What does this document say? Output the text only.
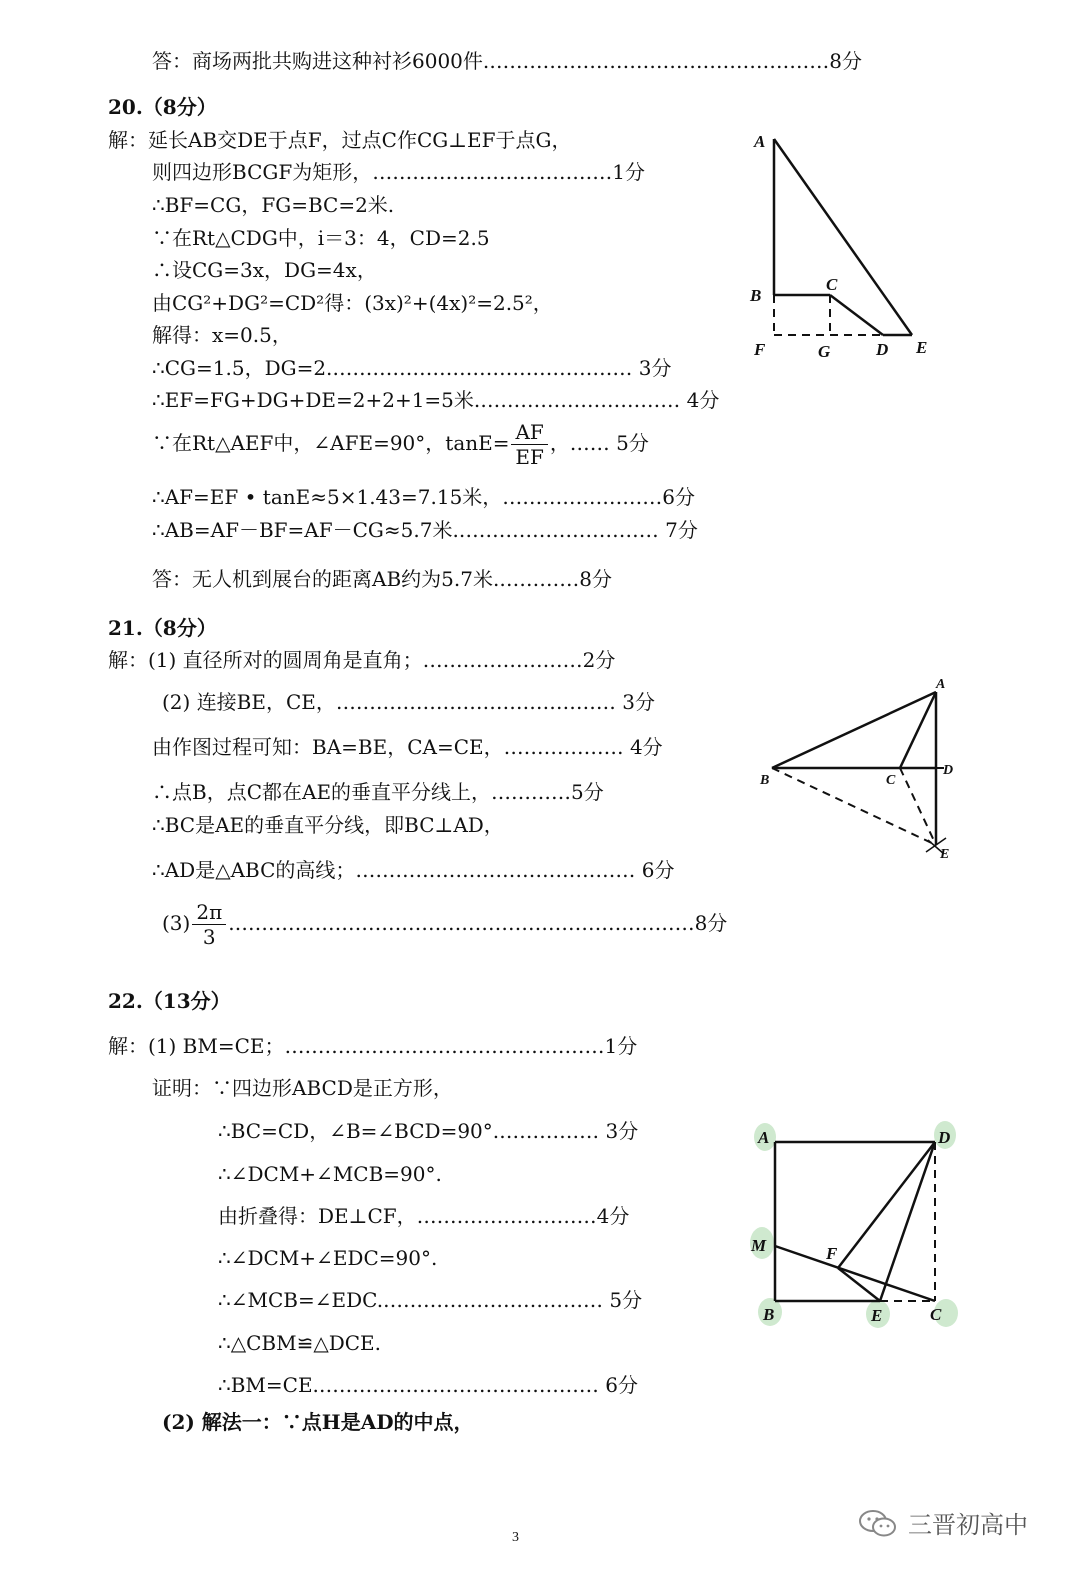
答：商场两批共购进这种衬衫6000件.……………………………………………8分
20.（8分）
解：延长AB交DE于点F，过点C作CG⊥EF于点G，
则四边形BCGF为矩形，………………………………1分
∴BF=CG，FG=BC=2米.
∵在Rt△CDG中，i＝3：4，CD=2.5
∴设CG=3x，DG=4x，
由CG²+DG²=CD²得：(3x)²+(4x)²=2.5²，
解得：x=0.5，
∴CG=1.5，DG=2.……………………………………… 3分
∴EF=FG+DG+DE=2+2+1=5米.………………………… 4分
∵在Rt△AEF中，∠AFE=90°，$\tan E= \frac{AF}{EF}$ ，…… 5分
∴AF=EF • tanE≈5×1.43=7.15米，……………………6分
∴AB=AF－BF=AF－CG≈5.7米.………………………… 7分
答：无人机到展台的距离AB约为5.7米.…………8分
A
B
C
F	G	D E
21.（8分）
解：(1) 直径所对的圆周角是直角；……………………2分
(2) 连接BE，CE，…………………………………… 3分
由作图过程可知：BA=BE，CA=CE，……………… 4分
∴点B，点C都在AE的垂直平分线上，…………5分
∴BC是AE的垂直平分线，即BC⊥AD，
∴AD是△ABC的高线；…………………………………… 6分
$(3) \frac{2\pi}{3}$ .……………………………………………………………8分
A
B	C
D
E
22.（13分）
解：(1) BM=CE；…………………………………………1分
证明：∵四边形ABCD是正方形，
∴BC=CD，∠B=∠BCD=90°.…………… 3分
∴∠DCM+∠MCB=90°.
由折叠得：DE⊥CF，………………………4分
∴∠DCM+∠EDC=90°.
∴∠MCB=∠EDC.…………………………… 5分
∴△CBM≌△DCE.
∴BM=CE.…………………………………… 6分
(2) 解法一：∵点H是AD的中点，
A	D
M	F
B	E	C
3	三晋初高中
